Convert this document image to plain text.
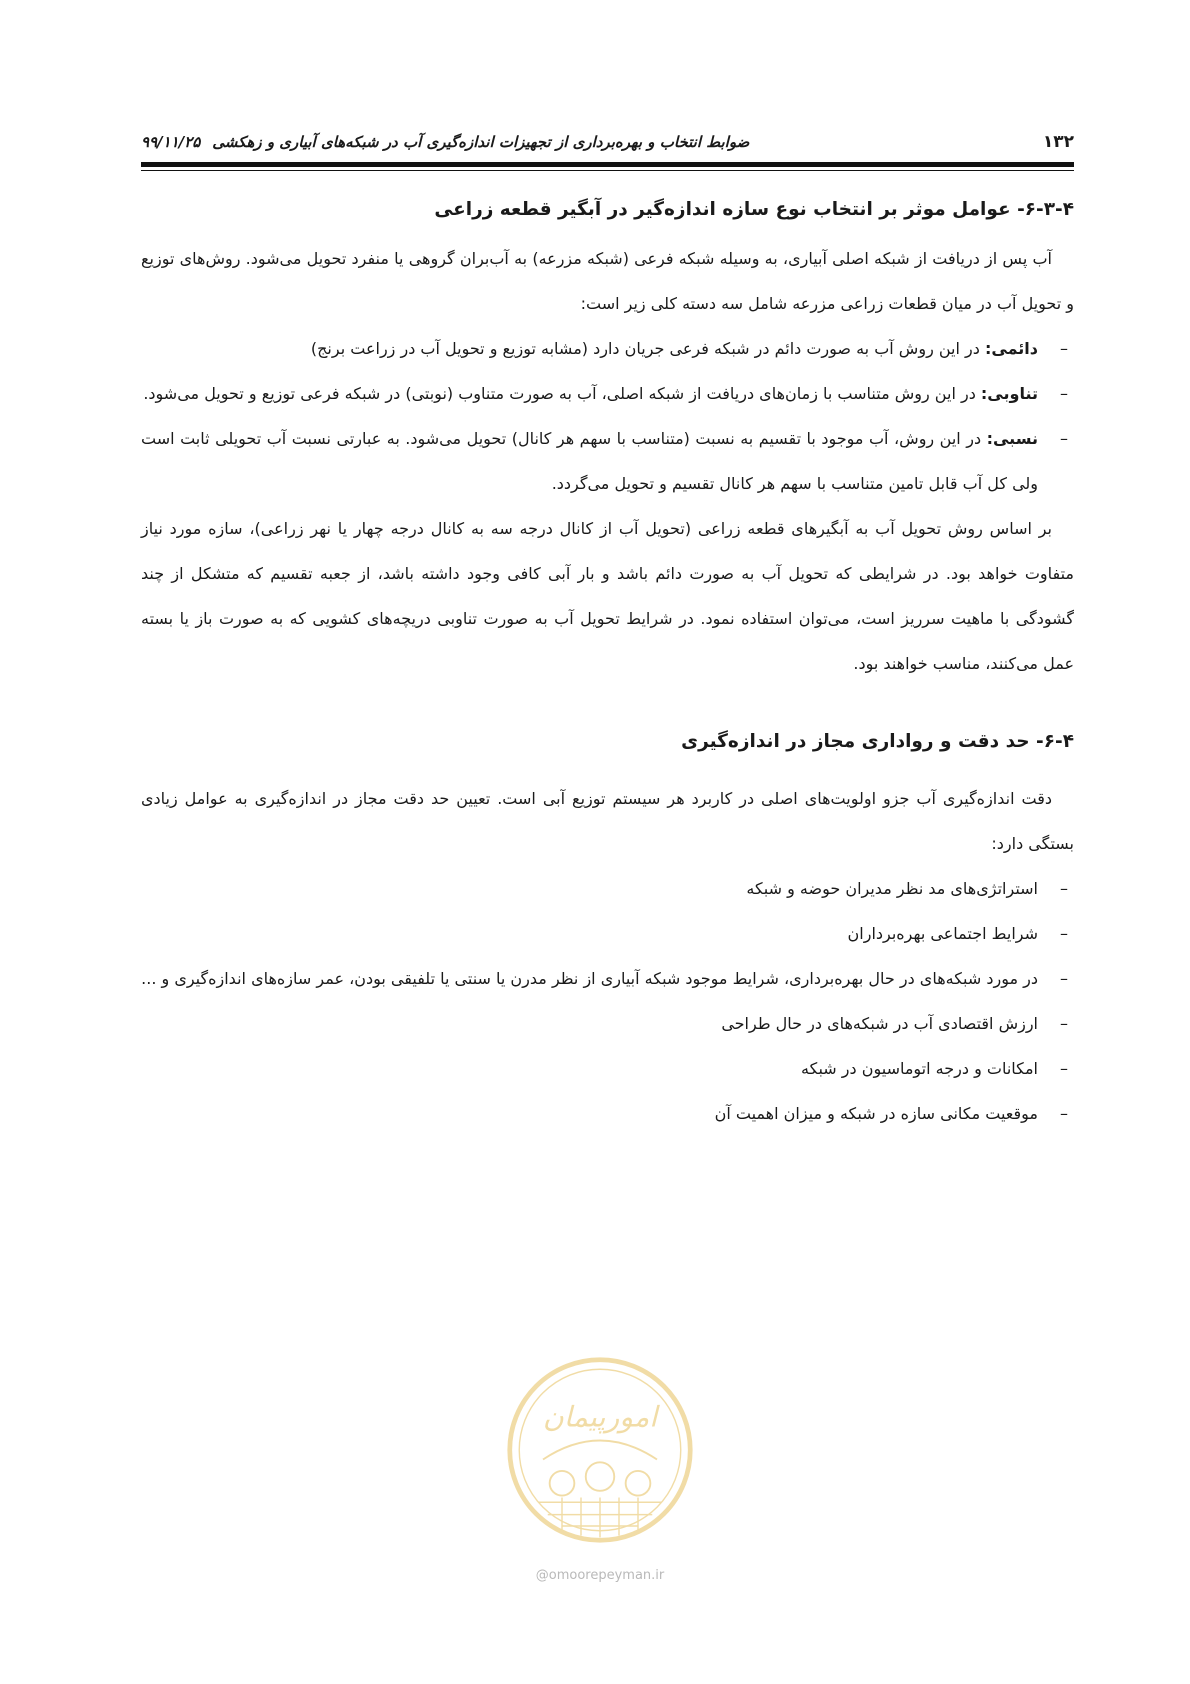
۱۳۲
ضوابط انتخاب و بهره‌برداری از تجهیزات اندازه‌گیری آب در شبکه‌های آبیاری و زهکشی
۹۹/۱۱/۲۵
۶-۳-۴- عوامل موثر بر انتخاب نوع سازه اندازه‌گیر در آبگیر قطعه زراعی

آب پس از دریافت از شبکه اصلی آبیاری، به وسیله شبکه فرعی (شبکه مزرعه) به آب‌بران گروهی یا منفرد تحویل می‌شود. روش‌های توزیع و تحویل آب در میان قطعات زراعی مزرعه شامل سه دسته کلی زیر است:

–
دائمی: در این روش آب به صورت دائم در شبکه فرعی جریان دارد (مشابه توزیع و تحویل آب در زراعت برنج)
–
تناوبی: در این روش متناسب با زمان‌های دریافت از شبکه اصلی، آب به صورت متناوب (نوبتی) در شبکه فرعی توزیع و تحویل می‌شود.
–
نسبی: در این روش، آب موجود با تقسیم به نسبت (متناسب با سهم هر کانال) تحویل می‌شود. به عبارتی نسبت آب تحویلی ثابت است ولی کل آب قابل تامین متناسب با سهم هر کانال تقسیم و تحویل می‌گردد.

بر اساس روش تحویل آب به آبگیرهای قطعه زراعی (تحویل آب از کانال درجه سه به کانال درجه چهار یا نهر زراعی)، سازه مورد نیاز متفاوت خواهد بود. در شرایطی که تحویل آب به صورت دائم باشد و بار آبی کافی وجود داشته باشد، از جعبه تقسیم که متشکل از چند گشودگی با ماهیت سرریز است، می‌توان استفاده نمود. در شرایط تحویل آب به صورت تناوبی دریچه‌های کشویی که به صورت باز یا بسته عمل می‌کنند، مناسب خواهند بود.

۶-۴- حد دقت و رواداری مجاز در اندازه‌گیری

دقت اندازه‌گیری آب جزو اولویت‌های اصلی در کاربرد هر سیستم توزیع آبی است. تعیین حد دقت مجاز در اندازه‌گیری به عوامل زیادی بستگی دارد:

–
استراتژی‌های مد نظر مدیران حوضه و شبکه
–
شرایط اجتماعی بهره‌برداران
–
در مورد شبکه‌های در حال بهره‌برداری، شرایط موجود شبکه آبیاری از نظر مدرن یا سنتی یا تلفیقی بودن، عمر سازه‌های اندازه‌گیری و ...
–
ارزش اقتصادی آب در شبکه‌های در حال طراحی
–
امکانات و درجه اتوماسیون در شبکه
–
موقعیت مکانی سازه در شبکه و میزان اهمیت آن
امورپیمان
@omoorepeyman.ir
